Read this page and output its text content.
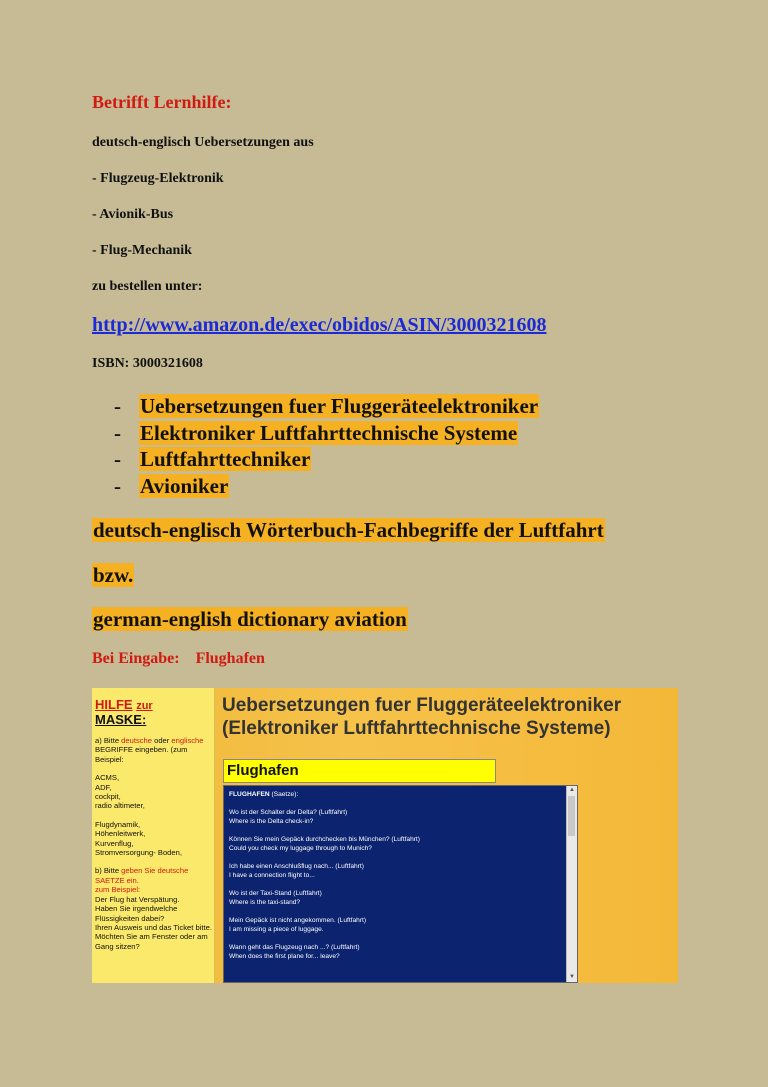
Betrifft Lernhilfe:
deutsch-englisch Uebersetzungen aus
- Flugzeug-Elektronik
- Avionik-Bus
- Flug-Mechanik
zu bestellen unter:
http://www.amazon.de/exec/obidos/ASIN/3000321608
ISBN: 3000321608
- Uebersetzungen fuer Fluggeräteelektroniker
- Elektroniker Luftfahrttechnische Systeme
- Luftfahrttechniker
- Avioniker
deutsch-englisch Wörterbuch-Fachbegriffe der Luftfahrt
bzw.
german-english dictionary aviation
Bei Eingabe: Flughafen
HILFE zur
MASKE:
a) Bitte deutsche oder englische BEGRIFFE eingeben. (zum Beispiel:
ACMS,
ADF,
cockpit,
radio altimeter,
Flugdynamik,
Höhenleitwerk,
Kurvenflug,
Stromversorgung- Boden,
b) Bitte geben Sie deutsche SAETZE ein.
zum Beispiel:
Der Flug hat Verspätung.
Haben Sie irgendwelche Flüssigkeiten dabei?
Ihren Ausweis und das Ticket bitte.
Möchten Sie am Fenster oder am Gang sitzen?
Uebersetzungen fuer Fluggeräteelektroniker
(Elektroniker Luftfahrttechnische Systeme)
Flughafen
FLUGHAFEN (Saetze):
Wo ist der Schalter der Delta? (Luftfahrt)
Where is the Delta check-in?
Können Sie mein Gepäck durchchecken bis München? (Luftfahrt)
Could you check my luggage through to Munich?
Ich habe einen Anschlußflug nach... (Luftfahrt)
I have a connection flight to...
Wo ist der Taxi-Stand (Luftfahrt)
Where is the taxi-stand?
Mein Gepäck ist nicht angekommen. (Luftfahrt)
I am missing a piece of luggage.
Wann geht das Flugzeug nach ...? (Luftfahrt)
When does the first plane for... leave?
▲
▼
